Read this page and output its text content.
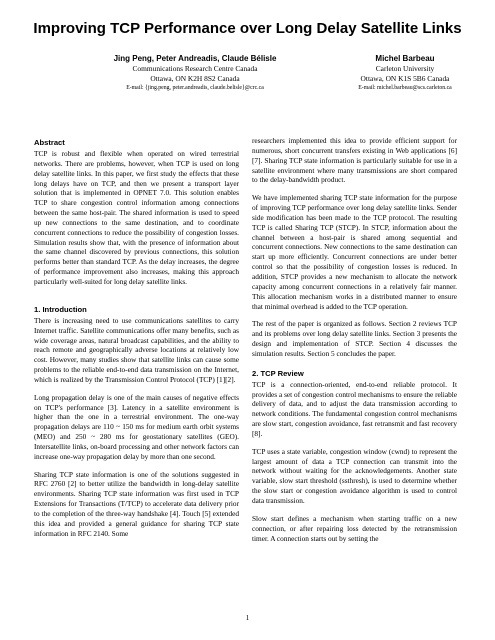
Improving TCP Performance over Long Delay Satellite Links
Jing Peng, Peter Andreadis, Claude Bélisle
Communications Research Centre Canada
Ottawa, ON K2H 8S2 Canada
E-mail: {jing.peng, peter.andreadis, claude.belisle}@crc.ca
Michel Barbeau
Carleton University
Ottawa, ON K1S 5B6 Canada
E-mail: michel.barbeau@scs.carleton.ca
Abstract

TCP is robust and flexible when operated on wired terrestrial networks. There are problems, however, when TCP is used on long delay satellite links. In this paper, we first study the effects that these long delays have on TCP, and then we present a transport layer solution that is implemented in OPNET 7.0. This solution enables TCP to share congestion control information among connections between the same host-pair. The shared information is used to speed up new connections to the same destination, and to coordinate concurrent connections to reduce the possibility of congestion losses. Simulation results show that, with the presence of information about the same channel discovered by previous connections, this solution performs better than standard TCP. As the delay increases, the degree of performance improvement also increases, making this approach particularly well-suited for long delay satellite links.

1. Introduction

There is increasing need to use communications satellites to carry Internet traffic. Satellite communications offer many benefits, such as wide coverage areas, natural broadcast capabilities, and the ability to reach remote and geographically adverse locations at relatively low cost. However, many studies show that satellite links can cause some problems to the reliable end-to-end data transmission on the Internet, which is realized by the Transmission Control Protocol (TCP) [1][2].

Long propagation delay is one of the main causes of negative effects on TCP's performance [3]. Latency in a satellite environment is higher than the one in a terrestrial environment. The one-way propagation delays are 110 ~ 150 ms for medium earth orbit systems (MEO) and 250 ~ 280 ms for geostationary satellites (GEO). Intersatellite links, on-board processing and other network factors can increase one-way propagation delay by more than one second.

Sharing TCP state information is one of the solutions suggested in RFC 2760 [2] to better utilize the bandwidth in long-delay satellite environments. Sharing TCP state information was first used in TCP Extensions for Transactions (T/TCP) to accelerate data delivery prior to the completion of the three-way handshake [4]. Touch [5] extended this idea and provided a general guidance for sharing TCP state information in RFC 2140. Some

researchers implemented this idea to provide efficient support for numerous, short concurrent transfers existing in Web applications [6][7]. Sharing TCP state information is particularly suitable for use in a satellite environment where many transmissions are short compared to the delay-bandwidth product.

We have implemented sharing TCP state information for the purpose of improving TCP performance over long delay satellite links. Sender side modification has been made to the TCP protocol. The resulting TCP is called Sharing TCP (STCP). In STCP, information about the channel between a host-pair is shared among sequential and concurrent connections. New connections to the same destination can start up more efficiently. Concurrent connections are under better control so that the possibility of congestion losses is reduced. In addition, STCP provides a new mechanism to allocate the network capacity among concurrent connections in a relatively fair manner. This allocation mechanism works in a distributed manner to ensure that minimal overhead is added to the TCP operation.

The rest of the paper is organized as follows. Section 2 reviews TCP and its problems over long delay satellite links. Section 3 presents the design and implementation of STCP. Section 4 discusses the simulation results. Section 5 concludes the paper.

2. TCP Review

TCP is a connection-oriented, end-to-end reliable protocol. It provides a set of congestion control mechanisms to ensure the reliable delivery of data, and to adjust the data transmission according to network conditions. The fundamental congestion control mechanisms are slow start, congestion avoidance, fast retransmit and fast recovery [8].

TCP uses a state variable, congestion window (cwnd) to represent the largest amount of data a TCP connection can transmit into the network without waiting for the acknowledgements. Another state variable, slow start threshold (ssthresh), is used to determine whether the slow start or congestion avoidance algorithm is used to control data transmission.

Slow start defines a mechanism when starting traffic on a new connection, or after repairing loss detected by the retransmission timer. A connection starts out by setting the

1
